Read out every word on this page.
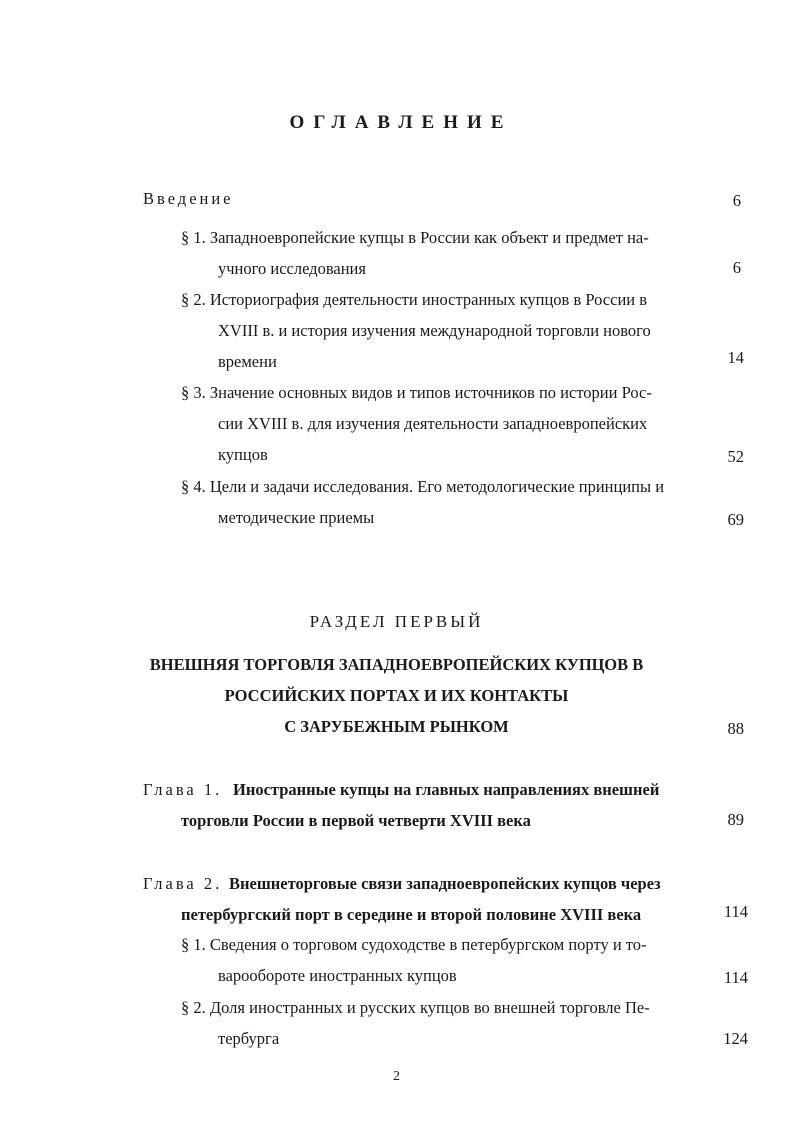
ОГЛАВЛЕНИЕ
Введение	6
§ 1. Западноевропейские купцы в России как объект и предмет на-
учного исследования	6
§ 2. Историография деятельности иностранных купцов в России в
XVIII в. и история изучения международной торговли нового
времени	14
§ 3. Значение основных видов и типов источников по истории Рос-
сии XVIII в. для изучения деятельности западноевропейских
купцов	52
§ 4. Цели и задачи исследования. Его методологические принципы и
методические приемы	69
РАЗДЕЛ ПЕРВЫЙ
ВНЕШНЯЯ ТОРГОВЛЯ ЗАПАДНОЕВРОПЕЙСКИХ КУПЦОВ В
РОССИЙСКИХ ПОРТАХ И ИХ КОНТАКТЫ
С ЗАРУБЕЖНЫМ РЫНКОМ	88
Глава 1. Иностранные купцы на главных направлениях внешней
торговли России в первой четверти XVIII века	89
Глава 2. Внешнеторговые связи западноевропейских купцов через
петербургский порт в середине и второй половине XVIII века	114
§ 1. Сведения о торговом судоходстве в петербургском порту и то-
варообороте иностранных купцов	114
§ 2. Доля иностранных и русских купцов во внешней торговле Пе-
тербурга	124
2
